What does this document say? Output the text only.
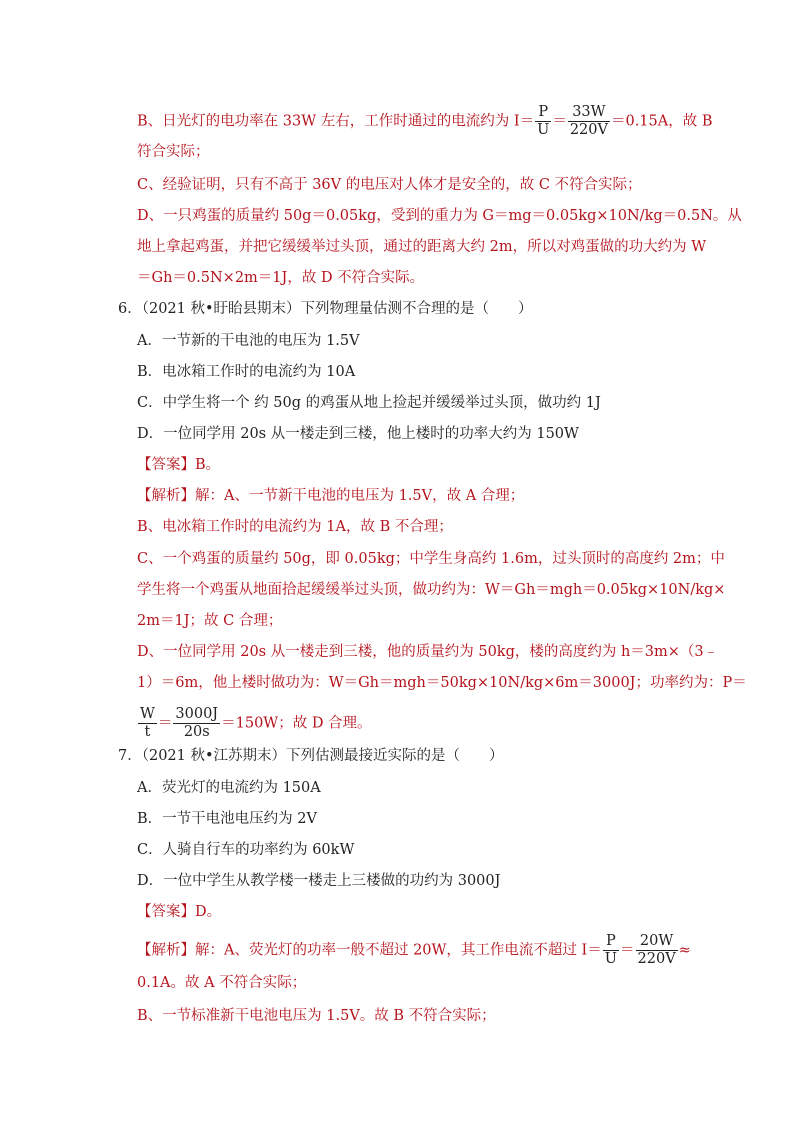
B、日光灯的电功率在 33W 左右，工作时通过的电流约为 $I= \frac{P}{U} = \frac{33W}{220V} =0.15A$，故 B
符合实际；
C、经验证明，只有不高于 36V 的电压对人体才是安全的，故 C 不符合实际；
D、一只鸡蛋的质量约 50g＝0.05kg，受到的重力为 G＝mg＝0.05kg×10N/kg＝0.5N。从
地上拿起鸡蛋，并把它缓缓举过头顶，通过的距离大约 2m，所以对鸡蛋做的功大约为 W
＝Gh＝0.5N×2m＝1J，故 D 不符合实际。
6．（2021 秋•盱眙县期末）下列物理量估测不合理的是（　　）
A．一节新的干电池的电压为 1.5V
B．电冰箱工作时的电流约为 10A
C．中学生将一个 约 50g 的鸡蛋从地上捡起并缓缓举过头顶，做功约 1J
D．一位同学用 20s 从一楼走到三楼，他上楼时的功率大约为 150W
【答案】B。
【解析】解：A、一节新干电池的电压为 1.5V，故 A 合理；
B、电冰箱工作时的电流约为 1A，故 B 不合理；
C、一个鸡蛋的质量约 50g，即 0.05kg；中学生身高约 1.6m，过头顶时的高度约 2m；中
学生将一个鸡蛋从地面拾起缓缓举过头顶，做功约为：W＝Gh＝mgh＝0.05kg×10N/kg×
2m＝1J；故 C 合理；
D、一位同学用 20s 从一楼走到三楼，他的质量约为 50kg，楼的高度约为 h＝3m×（3﹣
1）＝6m，他上楼时做功为：W＝Gh＝mgh＝50kg×10N/kg×6m＝3000J；功率约为：P＝
$\frac{W}{t} = \frac{3000J}{20s} =150W$；故 D 合理。
7．（2021 秋•江苏期末）下列估测最接近实际的是（　　）
A．荧光灯的电流约为 150A
B．一节干电池电压约为 2V
C．人骑自行车的功率约为 60kW
D．一位中学生从教学楼一楼走上三楼做的功约为 3000J
【答案】D。
【解析】解：A、荧光灯的功率一般不超过 20W，其工作电流不超过 $I= \frac{P}{U} = \frac{20W}{220V}$ ≈
0.1A。故 A 不符合实际；
B、一节标准新干电池电压为 1.5V。故 B 不符合实际；
